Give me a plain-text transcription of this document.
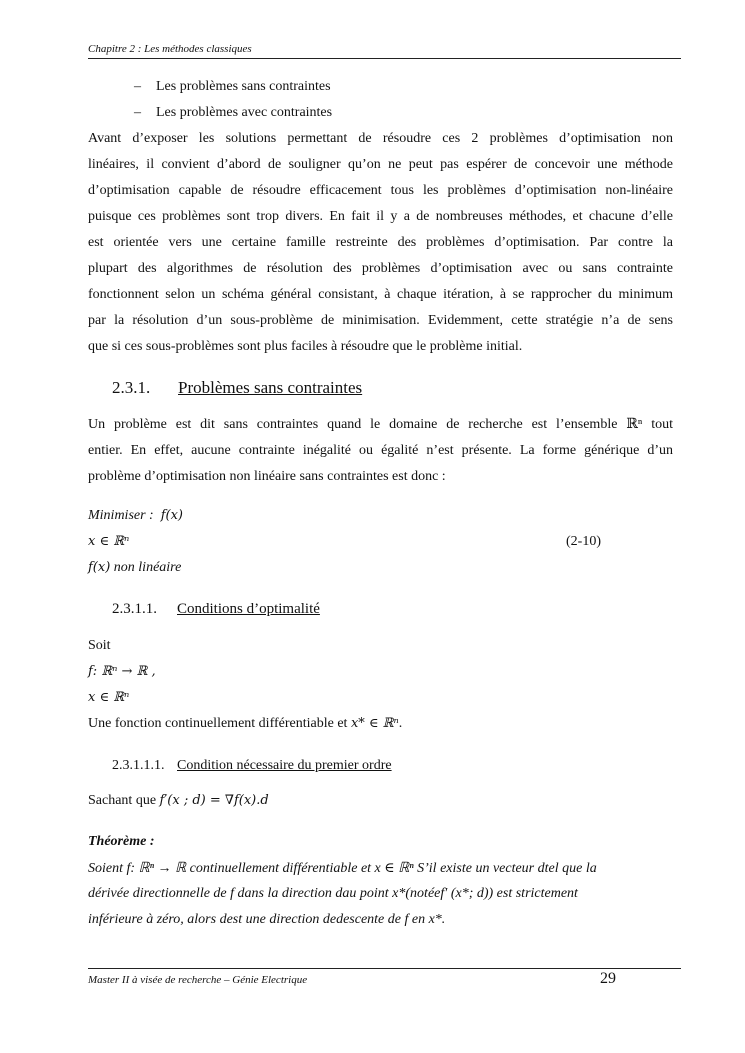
Chapitre 2 : Les méthodes classiques
– Les problèmes sans contraintes
– Les problèmes avec contraintes
Avant d’exposer les solutions permettant de résoudre ces 2 problèmes d’optimisation non
linéaires, il convient d’abord de souligner qu’on ne peut pas espérer de concevoir une méthode
d’optimisation capable de résoudre efficacement tous les problèmes d’optimisation non-linéaire
puisque ces problèmes sont trop divers. En fait il y a de nombreuses méthodes, et chacune d’elle
est orientée vers une certaine famille restreinte des problèmes d’optimisation. Par contre la
plupart des algorithmes de résolution des problèmes d’optimisation avec ou sans contrainte
fonctionnent selon un schéma général consistant, à chaque itération, à se rapprocher du minimum
par la résolution d’un sous-problème de minimisation. Evidemment, cette stratégie n’a de sens
que si ces sous-problèmes sont plus faciles à résoudre que le problème initial.
2.3.1. Problèmes sans contraintes
Un problème est dit sans contraintes quand le domaine de recherche est l’ensemble ℝⁿ tout
entier. En effet, aucune contrainte inégalité ou égalité n’est présente. La forme générique d’un
problème d’optimisation non linéaire sans contraintes est donc :
Minimiser : f(x)
x ∈ ℝⁿ	(2-10)
f(x) non linéaire
2.3.1.1. Conditions d’optimalité
Soit
f: ℝⁿ → ℝ ,
x ∈ ℝⁿ
Une fonction continuellement différentiable et x* ∈ ℝⁿ.
2.3.1.1.1. Condition nécessaire du premier ordre
Sachant que f′(x ; d) = ∇f(x).d
Théorème :
Soient f: ℝⁿ → ℝ continuellement différentiable et x ∈ ℝⁿ S’il existe un vecteur dtel que la
dérivée directionnelle de f dans la direction dau point x*(notéef′ (x*; d)) est strictement
inférieure à zéro, alors dest une direction dedescente de f en x*.
Master II à visée de recherche – Génie Electrique	29
